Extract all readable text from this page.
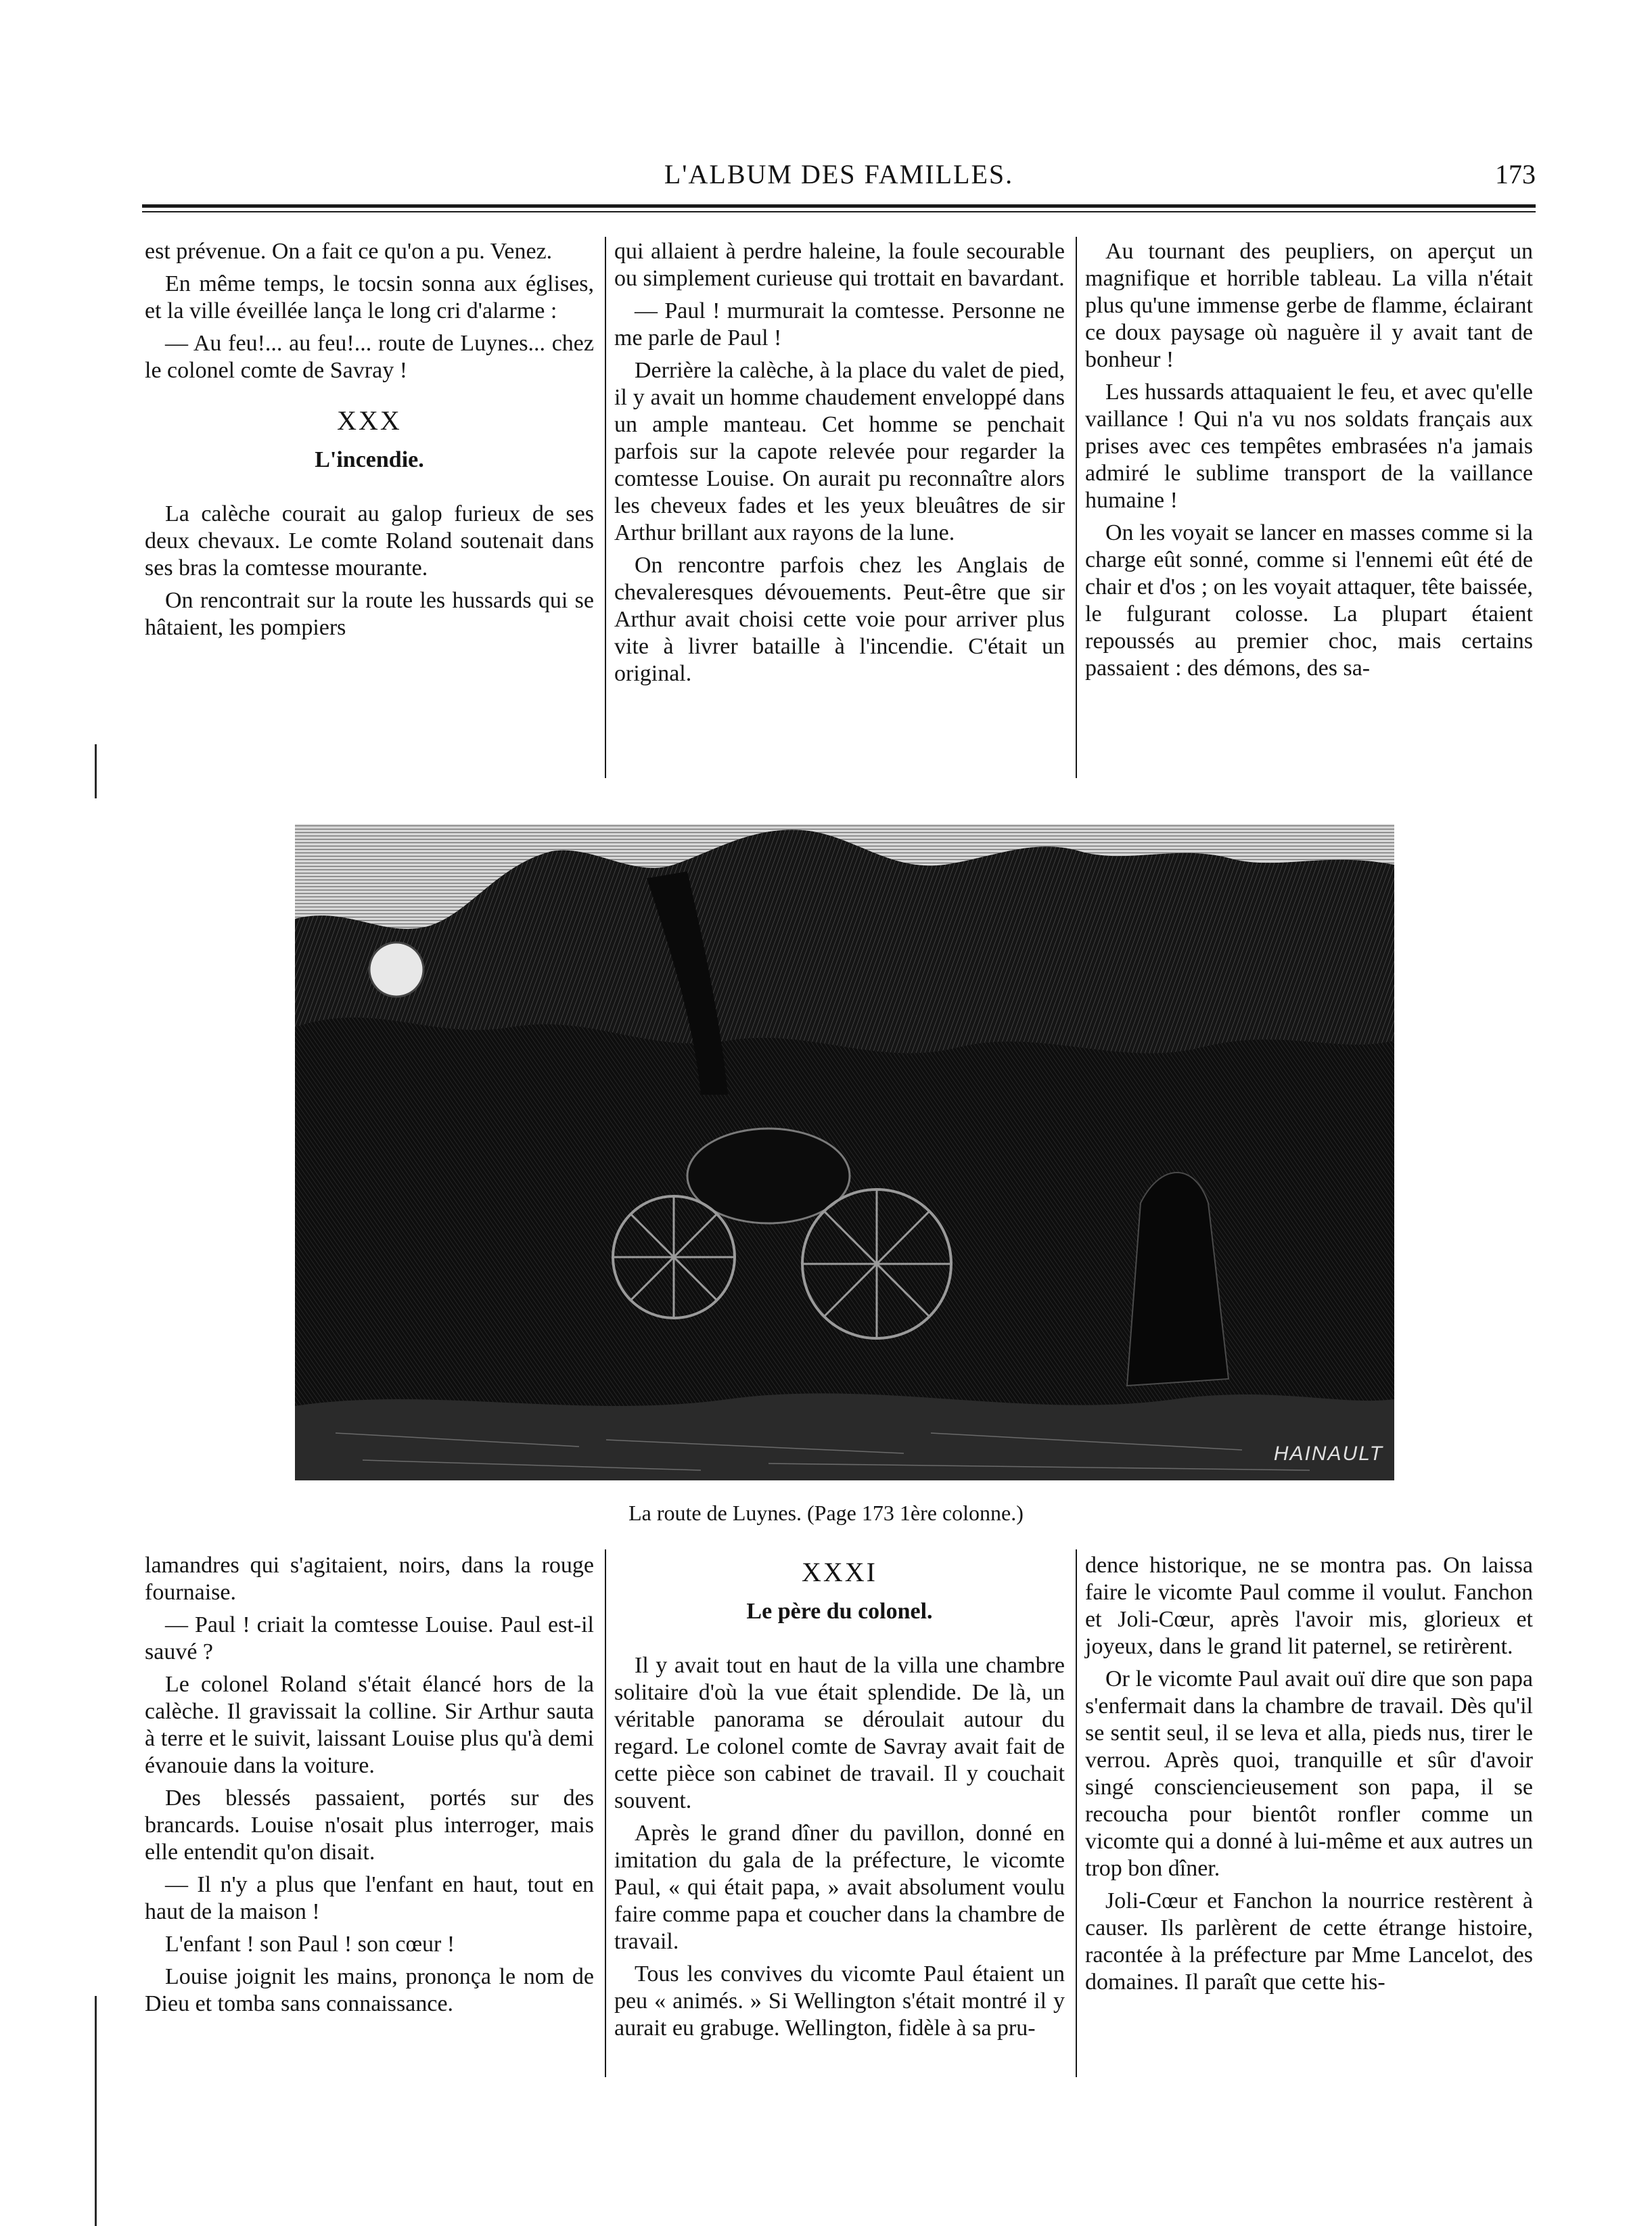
L'ALBUM DES FAMILLES.	173

est prévenue. On a fait ce qu'on a pu. Venez.

En même temps, le tocsin sonna aux églises, et la ville éveillée lança le long cri d'alarme :

— Au feu!... au feu!... route de Luynes... chez le colonel comte de Savray !

XXX
L'incendie.

La calèche courait au galop furieux de ses deux chevaux. Le comte Roland soutenait dans ses bras la comtesse mourante.

On rencontrait sur la route les hussards qui se hâtaient, les pompiers

qui allaient à perdre haleine, la foule secourable ou simplement curieuse qui trottait en bavardant.

— Paul ! murmurait la comtesse. Personne ne me parle de Paul !

Derrière la calèche, à la place du valet de pied, il y avait un homme chaudement enveloppé dans un ample manteau. Cet homme se penchait parfois sur la capote relevée pour regarder la comtesse Louise. On aurait pu reconnaître alors les cheveux fades et les yeux bleuâtres de sir Arthur brillant aux rayons de la lune.

On rencontre parfois chez les Anglais de chevaleresques dévouements. Peut-être que sir Arthur avait choisi cette voie pour arriver plus vite à livrer bataille à l'incendie. C'était un original.

Au tournant des peupliers, on aperçut un magnifique et horrible tableau. La villa n'était plus qu'une immense gerbe de flamme, éclairant ce doux paysage où naguère il y avait tant de bonheur !

Les hussards attaquaient le feu, et avec qu'elle vaillance ! Qui n'a vu nos soldats français aux prises avec ces tempêtes embrasées n'a jamais admiré le sublime transport de la vaillance humaine !

On les voyait se lancer en masses comme si la charge eût sonné, comme si l'ennemi eût été de chair et d'os ; on les voyait attaquer, tête baissée, le fulgurant colosse. La plupart étaient repoussés au premier choc, mais certains passaient : des démons, des sa-

HAINAULT
La route de Luynes. (Page 173 1ère colonne.)

lamandres qui s'agitaient, noirs, dans la rouge fournaise.

— Paul ! criait la comtesse Louise. Paul est-il sauvé ?

Le colonel Roland s'était élancé hors de la calèche. Il gravissait la colline. Sir Arthur sauta à terre et le suivit, laissant Louise plus qu'à demi évanouie dans la voiture.

Des blessés passaient, portés sur des brancards. Louise n'osait plus interroger, mais elle entendit qu'on disait.

— Il n'y a plus que l'enfant en haut, tout en haut de la maison !

L'enfant ! son Paul ! son cœur !

Louise joignit les mains, prononça le nom de Dieu et tomba sans connaissance.

XXXI
Le père du colonel.

Il y avait tout en haut de la villa une chambre solitaire d'où la vue était splendide. De là, un véritable panorama se déroulait autour du regard. Le colonel comte de Savray avait fait de cette pièce son cabinet de travail. Il y couchait souvent.

Après le grand dîner du pavillon, donné en imitation du gala de la préfecture, le vicomte Paul, « qui était papa, » avait absolument voulu faire comme papa et coucher dans la chambre de travail.

Tous les convives du vicomte Paul étaient un peu « animés. » Si Wellington s'était montré il y aurait eu grabuge. Wellington, fidèle à sa pru-

dence historique, ne se montra pas. On laissa faire le vicomte Paul comme il voulut. Fanchon et Joli-Cœur, après l'avoir mis, glorieux et joyeux, dans le grand lit paternel, se retirèrent.

Or le vicomte Paul avait ouï dire que son papa s'enfermait dans la chambre de travail. Dès qu'il se sentit seul, il se leva et alla, pieds nus, tirer le verrou. Après quoi, tranquille et sûr d'avoir singé consciencieusement son papa, il se recoucha pour bientôt ronfler comme un vicomte qui a donné à lui-même et aux autres un trop bon dîner.

Joli-Cœur et Fanchon la nourrice restèrent à causer. Ils parlèrent de cette étrange histoire, racontée à la préfecture par Mme Lancelot, des domaines. Il paraît que cette his-
